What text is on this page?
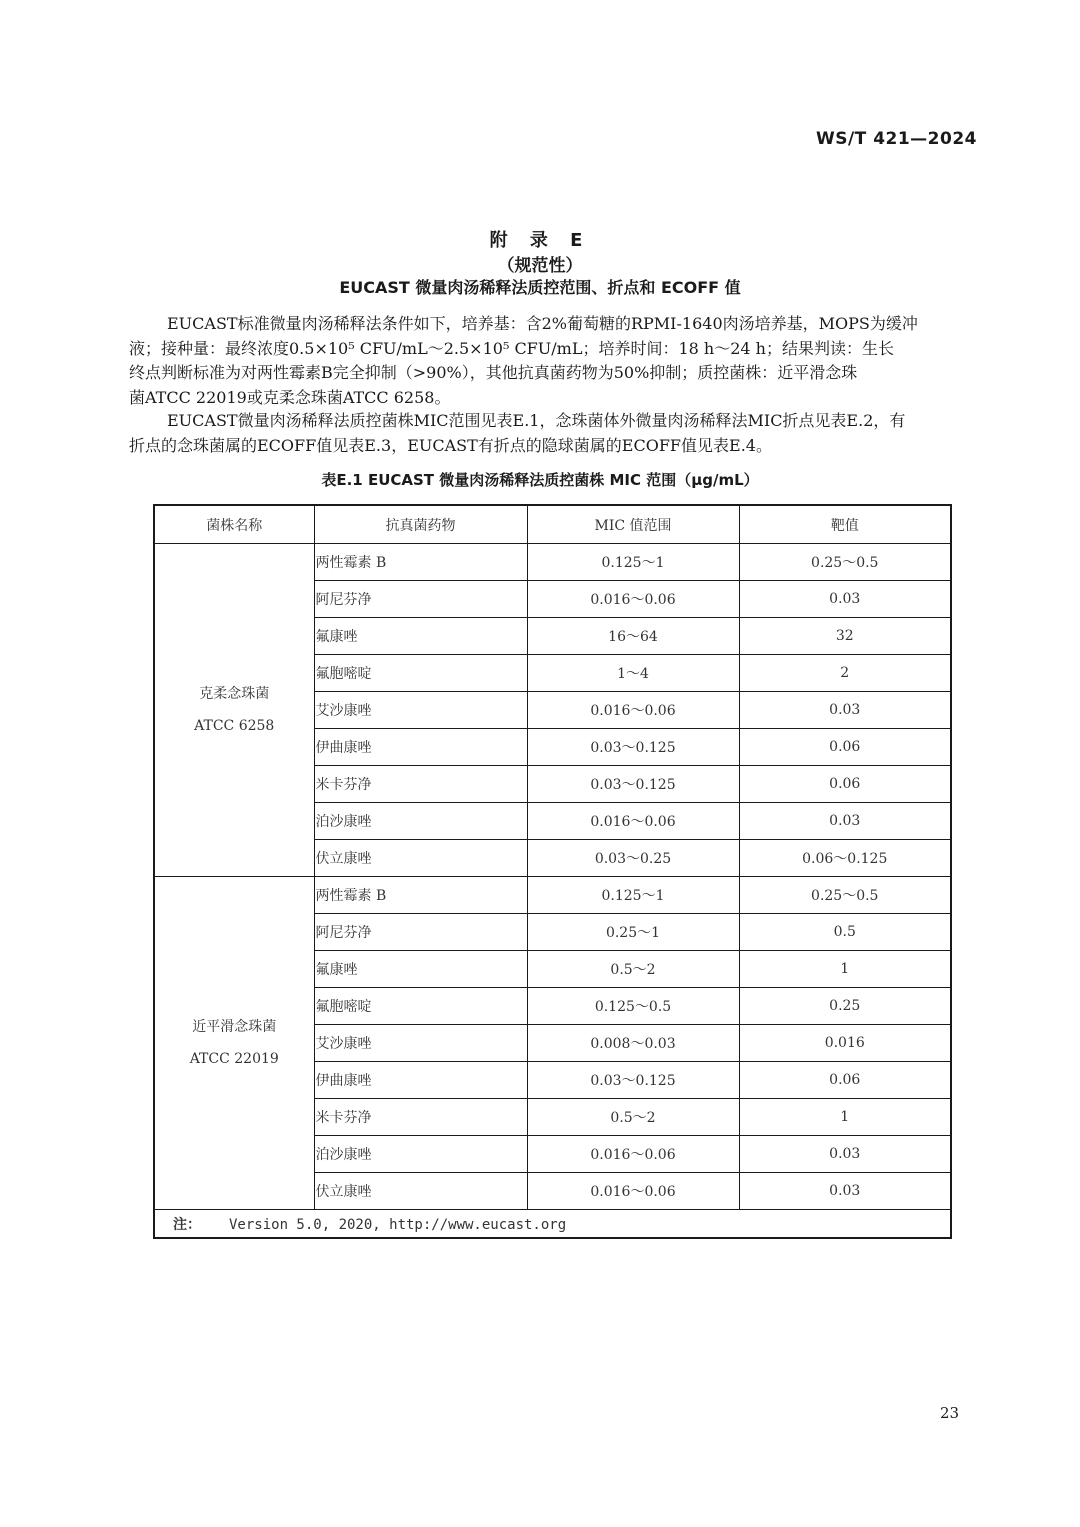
WS/T 421—2024
附 录 E
（规范性）
EUCAST 微量肉汤稀释法质控范围、折点和 ECOFF 值
EUCAST标准微量肉汤稀释法条件如下，培养基：含2%葡萄糖的RPMI-1640肉汤培养基，MOPS为缓冲
液；接种量：最终浓度0.5×10⁵ CFU/mL～2.5×10⁵ CFU/mL；培养时间：18 h～24 h；结果判读：生长
终点判断标准为对两性霉素B完全抑制（>90%），其他抗真菌药物为50%抑制；质控菌株：近平滑念珠
菌ATCC 22019或克柔念珠菌ATCC 6258。
EUCAST微量肉汤稀释法质控菌株MIC范围见表E.1，念珠菌体外微量肉汤稀释法MIC折点见表E.2，有
折点的念珠菌属的ECOFF值见表E.3，EUCAST有折点的隐球菌属的ECOFF值见表E.4。
表E.1 EUCAST 微量肉汤稀释法质控菌株 MIC 范围（μg/mL）
菌株名称	抗真菌药物	MIC 值范围	靶值

克柔念珠菌
ATCC 6258	两性霉素 B	0.125～1	0.25～0.5
	阿尼芬净	0.016～0.06	0.03
	氟康唑	16～64	32
	氟胞嘧啶	1～4	2
	艾沙康唑	0.016～0.06	0.03
	伊曲康唑	0.03～0.125	0.06
	米卡芬净	0.03～0.125	0.06
	泊沙康唑	0.016～0.06	0.03
	伏立康唑	0.03～0.25	0.06～0.125

近平滑念珠菌
ATCC 22019	两性霉素 B	0.125～1	0.25～0.5
	阿尼芬净	0.25～1	0.5
	氟康唑	0.5～2	1
	氟胞嘧啶	0.125～0.5	0.25
	艾沙康唑	0.008～0.03	0.016
	伊曲康唑	0.03～0.125	0.06
	米卡芬净	0.5～2	1
	泊沙康唑	0.016～0.06	0.03
	伏立康唑	0.016～0.06	0.03
注： Version 5.0, 2020, http://www.eucast.org			
23
